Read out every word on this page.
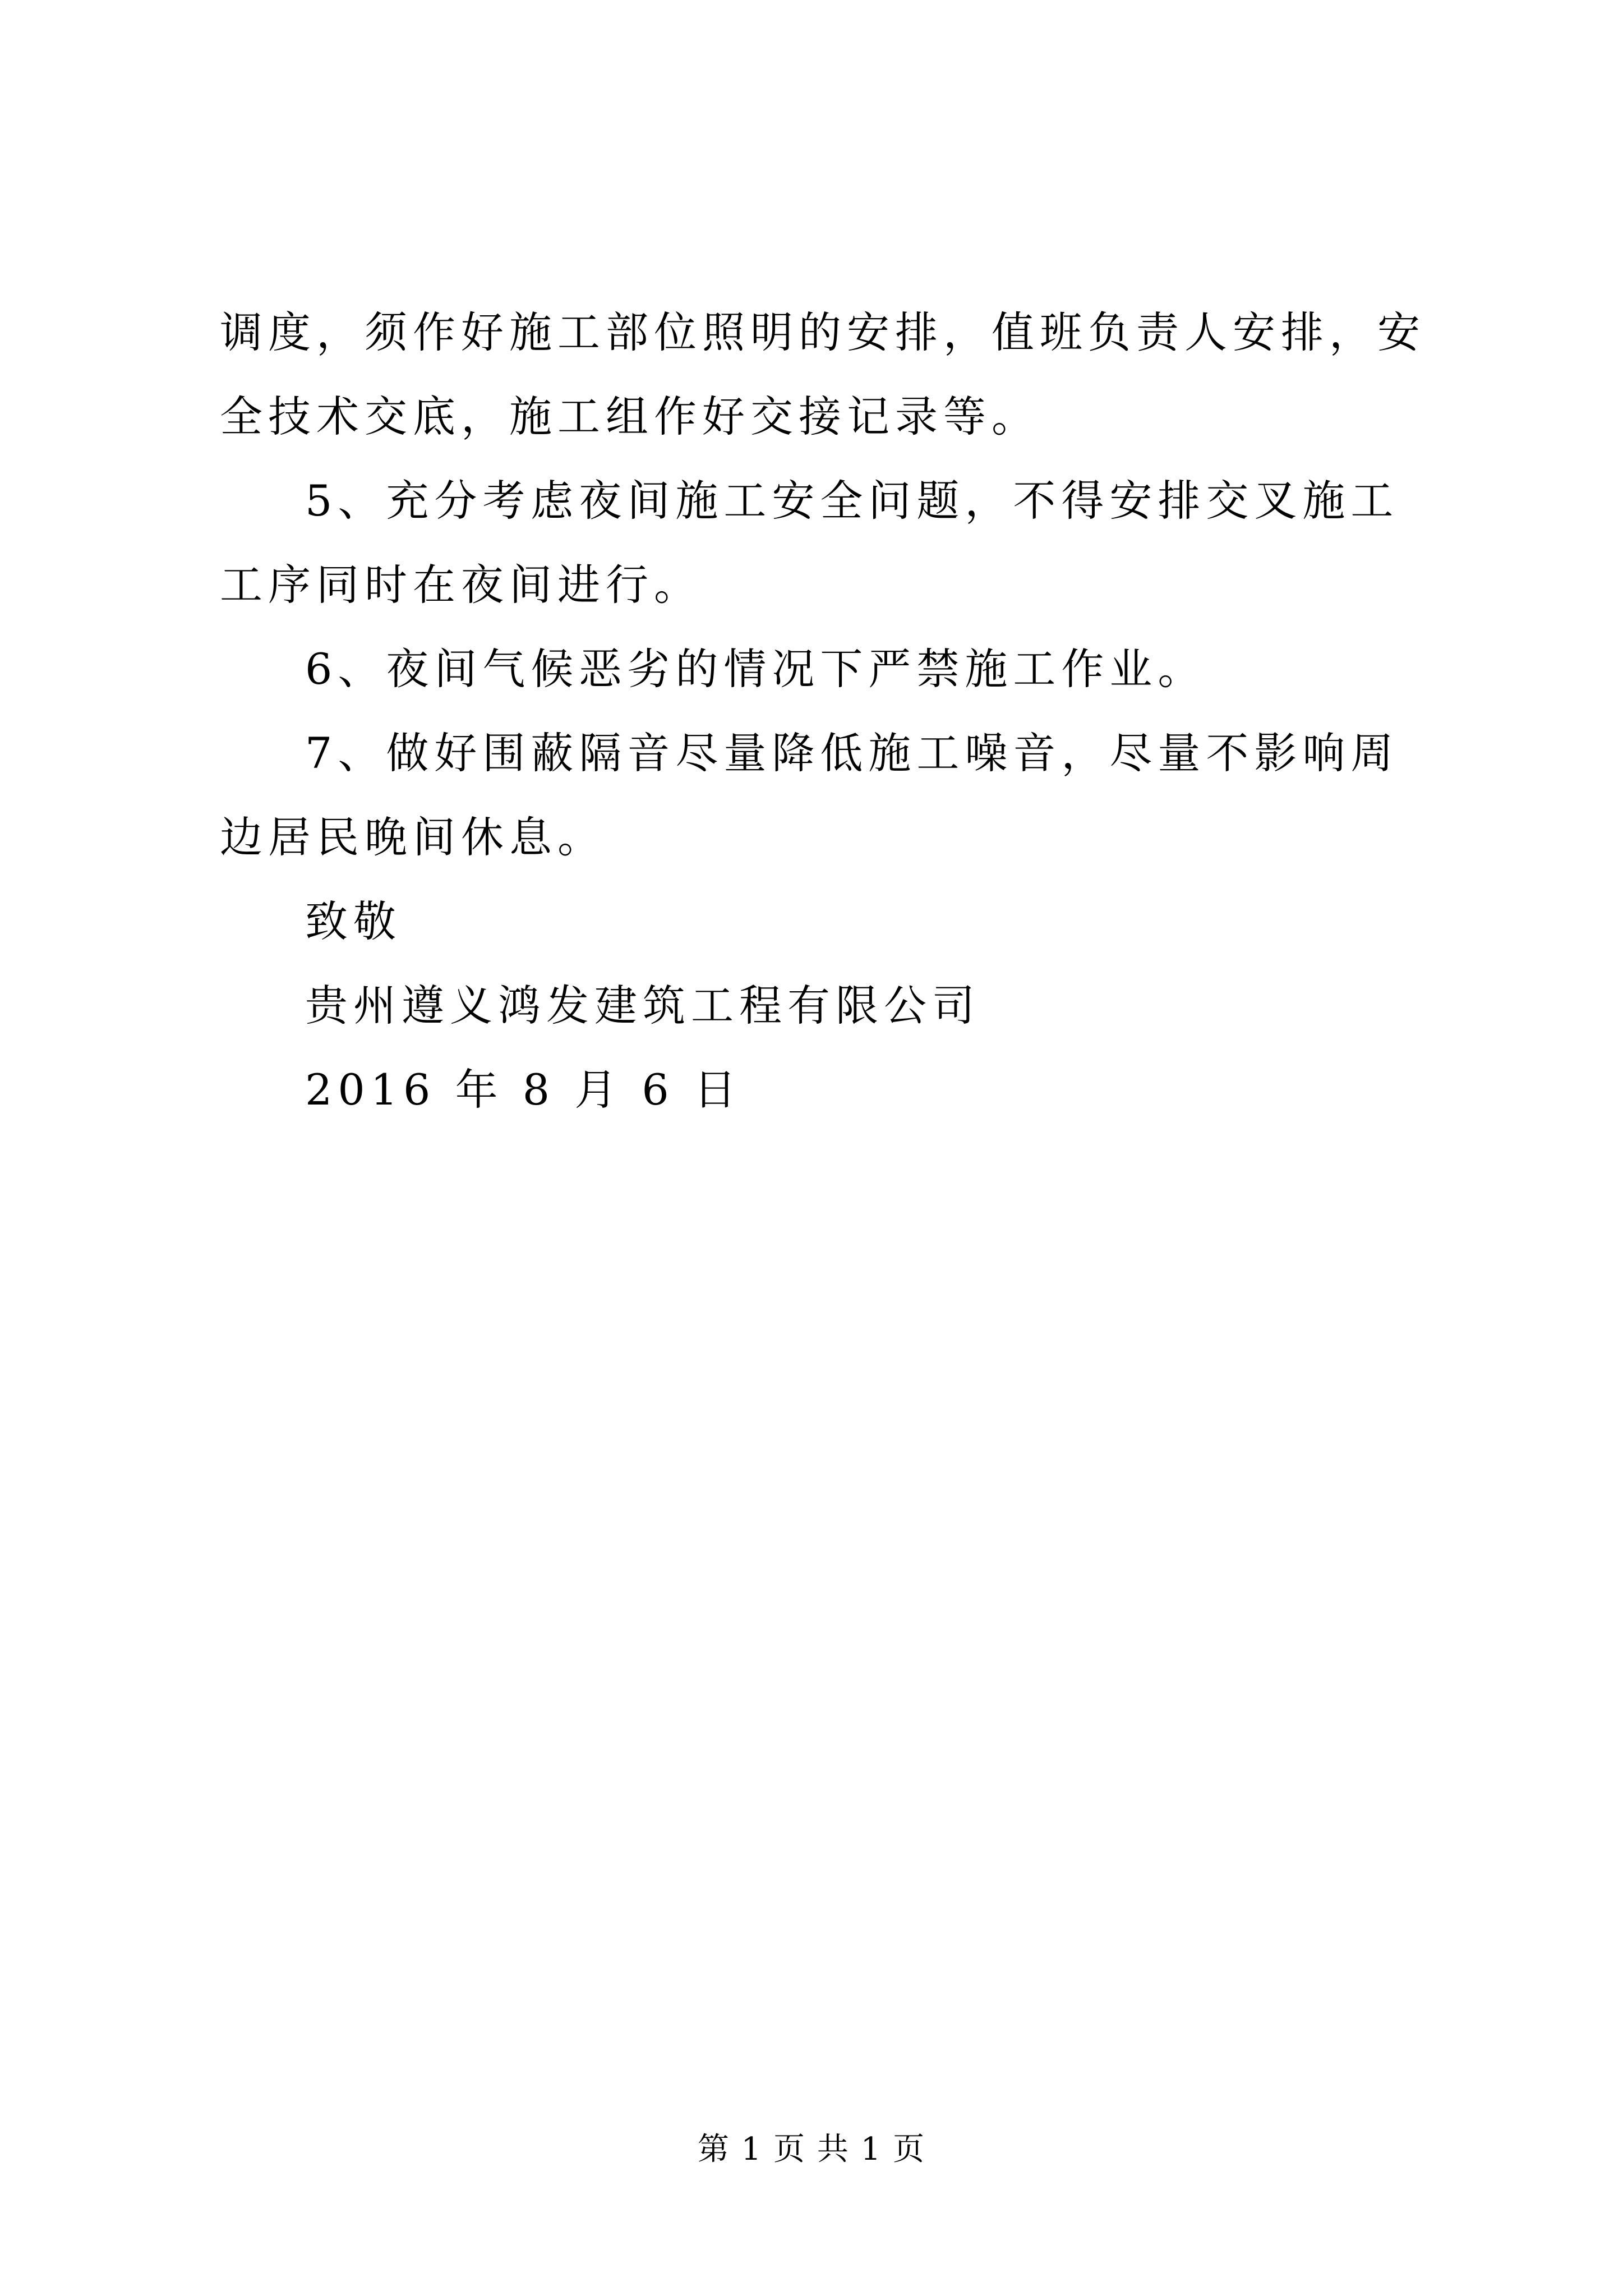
调度，须作好施工部位照明的安排，值班负责人安排，安全技术交底，施工组作好交接记录等。

5、充分考虑夜间施工安全问题，不得安排交叉施工工序同时在夜间进行。

6、夜间气候恶劣的情况下严禁施工作业。

7、做好围蔽隔音尽量降低施工噪音，尽量不影响周边居民晚间休息。

致敬

贵州遵义鸿发建筑工程有限公司

2016 年 8 月 6 日

第 1 页 共 1 页
